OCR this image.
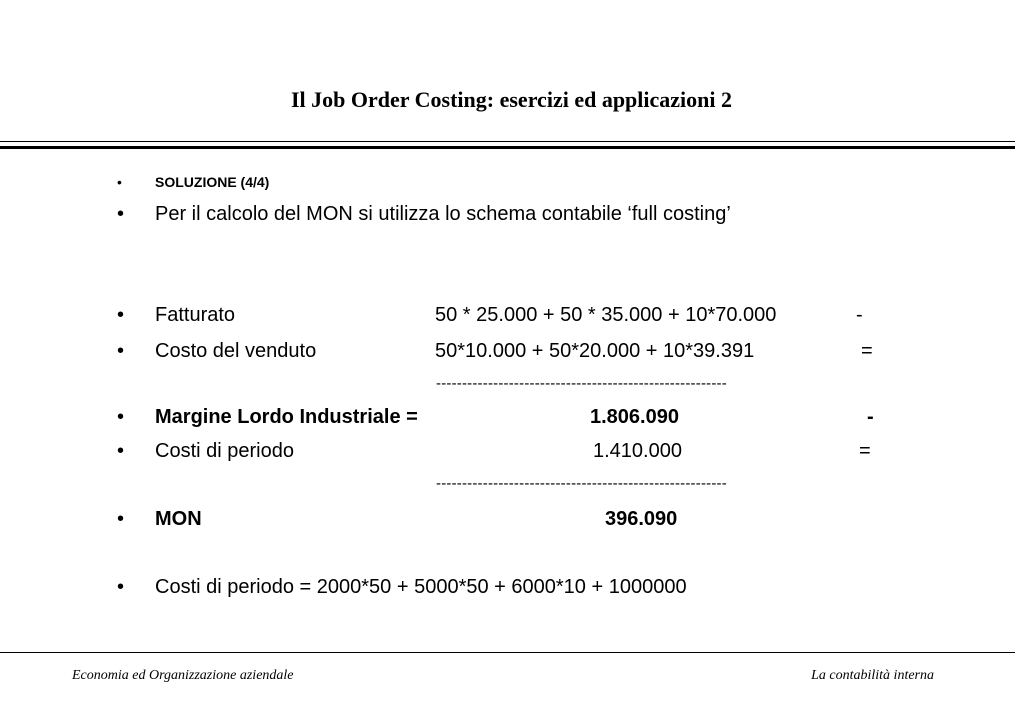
Il Job Order Costing: esercizi ed applicazioni 2
• SOLUZIONE (4/4)
• Per il calcolo del MON si utilizza lo schema contabile ‘full costing’
• Fatturato	50 * 25.000 + 50 * 35.000 + 10*70.000	-
• Costo del venduto	50*10.000 + 50*20.000 + 10*39.391	=
--------------------------------------------------------
• Margine Lordo Industriale =	1.806.090	-
• Costi di periodo	1.410.000	=
--------------------------------------------------------
• MON	396.090
• Costi di periodo = 2000*50 + 5000*50 + 6000*10 + 1000000
Economia ed Organizzazione aziendale	La contabilità interna
